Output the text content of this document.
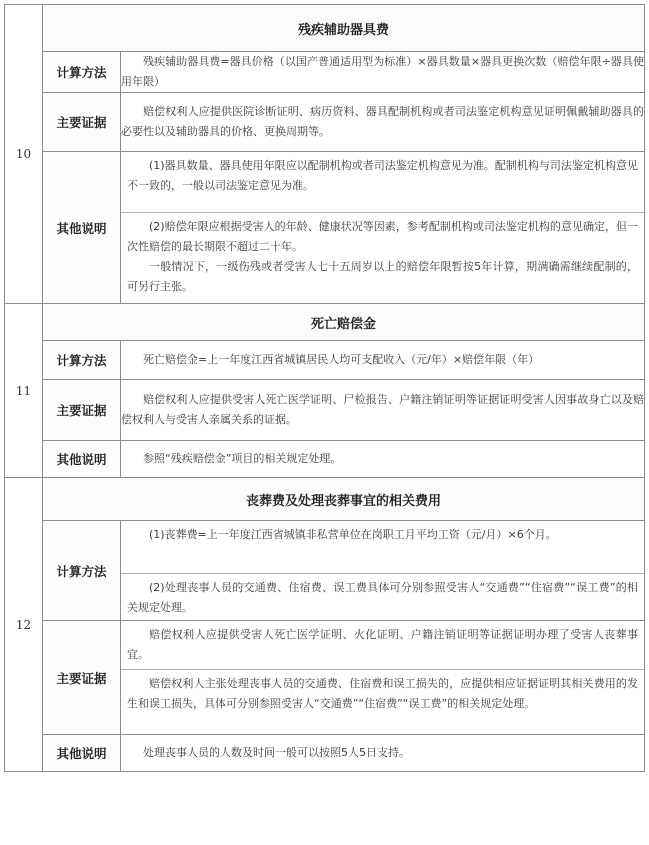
10	残疾辅助器具费	
	计算方法	残疾辅助器具费=器具价格（以国产普通适用型为标准）×器具数量×器具更换次数（赔偿年限÷器具使用年限）

	主要证据	赔偿权利人应提供医院诊断证明、病历资料、器具配制机构或者司法鉴定机构意见证明佩戴辅助器具的必要性以及辅助器具的价格、更换周期等。

	其他说明	(1)器具数量、器具使用年限应以配制机构或者司法鉴定机构意见为准。配制机构与司法鉴定机构意见不一致的，一般以司法鉴定意见为准。

(2)赔偿年限应根据受害人的年龄、健康状况等因素，参考配制机构或司法鉴定机构的意见确定，但一次性赔偿的最长期限不超过二十年。

一般情况下，一级伤残或者受害人七十五周岁以上的赔偿年限暂按5年计算，期满确需继续配制的，可另行主张。

11	死亡赔偿金	
	计算方法	死亡赔偿金=上一年度江西省城镇居民人均可支配收入（元/年）×赔偿年限（年）

	主要证据	赔偿权利人应提供受害人死亡医学证明、尸检报告、户籍注销证明等证据证明受害人因事故身亡以及赔偿权利人与受害人亲属关系的证据。

	其他说明	参照“残疾赔偿金”项目的相关规定处理。

12	丧葬费及处理丧葬事宜的相关费用	
	计算方法	(1)丧葬费=上一年度江西省城镇非私营单位在岗职工月平均工资（元/月）×6个月。

(2)处理丧事人员的交通费、住宿费、误工费具体可分别参照受害人“交通费”“住宿费”“误工费”的相关规定处理。

	主要证据	赔偿权利人应提供受害人死亡医学证明、火化证明、户籍注销证明等证据证明办理了受害人丧葬事宜。

赔偿权利人主张处理丧事人员的交通费、住宿费和误工损失的，应提供相应证据证明其相关费用的发生和误工损失，具体可分别参照受害人“交通费”“住宿费”“误工费”的相关规定处理。

	其他说明	处理丧事人员的人数及时间一般可以按照5人5日支持。
